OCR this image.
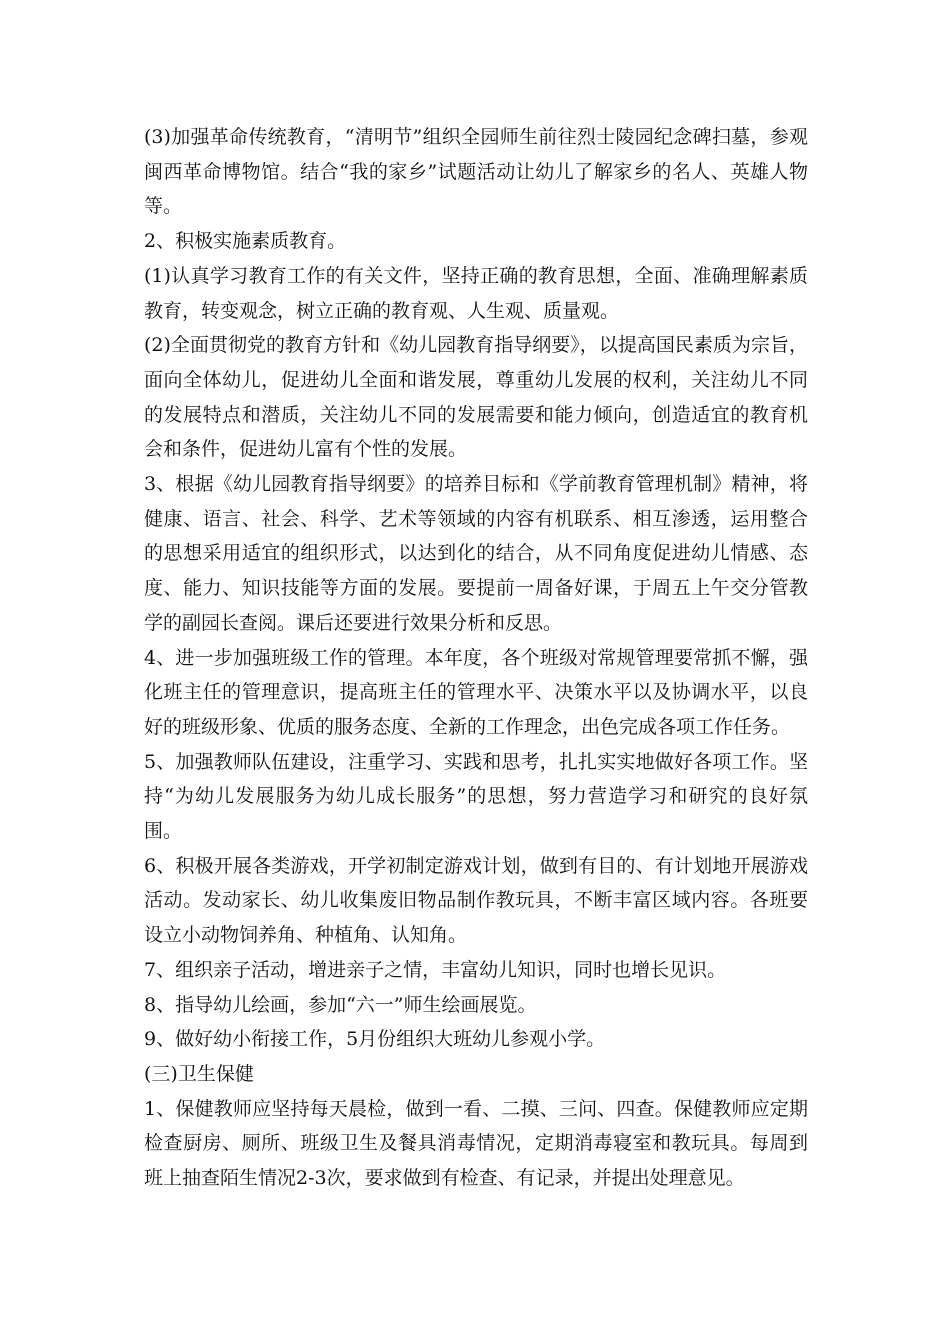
(3)加强革命传统教育，“清明节”组织全园师生前往烈士陵园纪念碑扫墓，参观闽西革命博物馆。结合“我的家乡”试题活动让幼儿了解家乡的名人、英雄人物等。

2、积极实施素质教育。

(1)认真学习教育工作的有关文件，坚持正确的教育思想，全面、准确理解素质教育，转变观念，树立正确的教育观、人生观、质量观。

(2)全面贯彻党的教育方针和《幼儿园教育指导纲要》，以提高国民素质为宗旨，面向全体幼儿，促进幼儿全面和谐发展，尊重幼儿发展的权利，关注幼儿不同的发展特点和潜质，关注幼儿不同的发展需要和能力倾向，创造适宜的教育机会和条件，促进幼儿富有个性的发展。

3、根据《幼儿园教育指导纲要》的培养目标和《学前教育管理机制》精神，将健康、语言、社会、科学、艺术等领域的内容有机联系、相互渗透，运用整合的思想采用适宜的组织形式，以达到化的结合，从不同角度促进幼儿情感、态度、能力、知识技能等方面的发展。要提前一周备好课，于周五上午交分管教学的副园长查阅。课后还要进行效果分析和反思。

4、进一步加强班级工作的管理。本年度，各个班级对常规管理要常抓不懈，强化班主任的管理意识，提高班主任的管理水平、决策水平以及协调水平，以良好的班级形象、优质的服务态度、全新的工作理念，出色完成各项工作任务。

5、加强教师队伍建设，注重学习、实践和思考，扎扎实实地做好各项工作。坚持“为幼儿发展服务为幼儿成长服务”的思想，努力营造学习和研究的良好氛围。

6、积极开展各类游戏，开学初制定游戏计划，做到有目的、有计划地开展游戏活动。发动家长、幼儿收集废旧物品制作教玩具，不断丰富区域内容。各班要设立小动物饲养角、种植角、认知角。

7、组织亲子活动，增进亲子之情，丰富幼儿知识，同时也增长见识。

8、指导幼儿绘画，参加“六一”师生绘画展览。

9、做好幼小衔接工作，5月份组织大班幼儿参观小学。

(三)卫生保健

1、保健教师应坚持每天晨检，做到一看、二摸、三问、四查。保健教师应定期检查厨房、厕所、班级卫生及餐具消毒情况，定期消毒寝室和教玩具。每周到班上抽查陌生情况2-3次，要求做到有检查、有记录，并提出处理意见。
